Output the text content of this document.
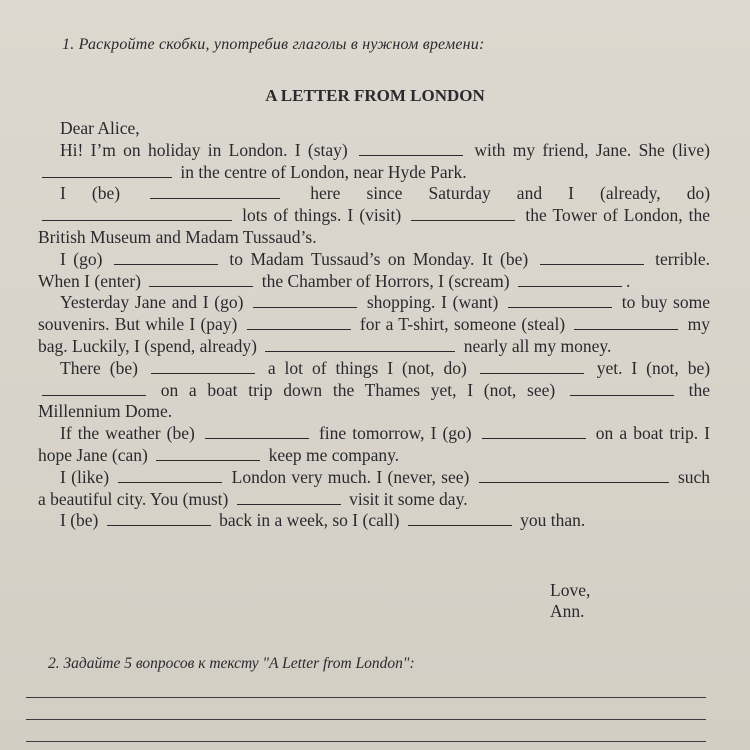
1. Раскройте скобки, употребив глаголы в нужном времени:
A LETTER FROM LONDON

Dear Alice,

Hi! I’m on holiday in London. I (stay)	with my friend, Jane. She (live)  in the centre of London, near Hyde Park.

I (be)	here since Saturday and I (already, do)  lots of things. I (visit)	the Tower of London, the British Museum and Madam Tussaud’s.

I (go)	to Madam Tussaud’s on Monday. It (be)	terrible. When I (enter)	the Chamber of Horrors, I (scream)	.

Yesterday Jane and I (go)	shopping. I (want)	to buy some souvenirs. But while I (pay)	for a T-shirt, someone (steal)	my bag. Luckily, I (spend, already)	nearly all my money.

There (be)	a lot of things I (not, do)	yet. I (not, be)  on a boat trip down the Thames yet, I (not, see)	the Millennium Dome.

If the weather (be)	fine tomorrow, I (go)	on a boat trip. I hope Jane (can)	keep me company.

I (like)	London very much. I (never, see)	such a beautiful city. You (must)	visit it some day.

I (be)	back in a week, so I (call)	you than.

Love,
Ann.
2. Задайте 5 вопросов к тексту "A Letter from London":
